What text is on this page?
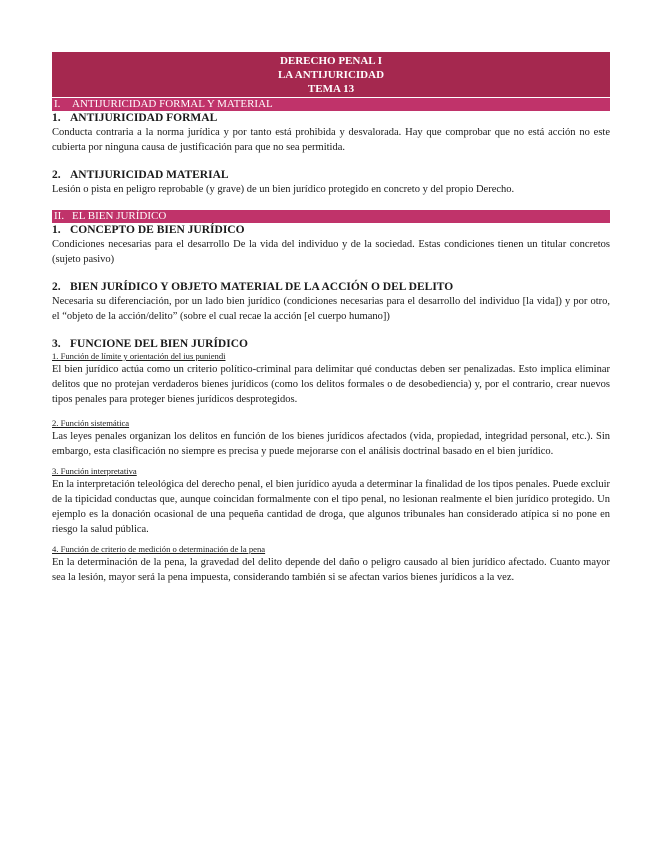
DERECHO PENAL I
LA ANTIJURICIDAD
TEMA 13
I. ANTIJURICIDAD FORMAL Y MATERIAL
1. ANTIJURICIDAD FORMAL
Conducta contraria a la norma jurídica y por tanto está prohibida y desvalorada. Hay que comprobar que no está acción no este cubierta por ninguna causa de justificación para que no sea permitida.
2. ANTIJURICIDAD MATERIAL
Lesión o pista en peligro reprobable (y grave) de un bien jurídico protegido en concreto y del propio Derecho.
II. EL BIEN JURÍDICO
1. CONCEPTO DE BIEN JURÍDICO
Condiciones necesarias para el desarrollo De la vida del individuo y de la sociedad. Estas condiciones tienen un titular concretos (sujeto pasivo)
2. BIEN JURÍDICO Y OBJETO MATERIAL DE LA ACCIÓN O DEL DELITO
Necesaria su diferenciación, por un lado bien jurídico (condiciones necesarias para el desarrollo del individuo [la vida]) y por otro, el “objeto de la acción/delito” (sobre el cual recae la acción [el cuerpo humano])
3. FUNCIONE DEL BIEN JURÍDICO
1. Función de límite y orientación del ius puniendi
El bien jurídico actúa como un criterio político-criminal para delimitar qué conductas deben ser penalizadas. Esto implica eliminar delitos que no protejan verdaderos bienes jurídicos (como los delitos formales o de desobediencia) y, por el contrario, crear nuevos tipos penales para proteger bienes jurídicos desprotegidos.
2. Función sistemática
Las leyes penales organizan los delitos en función de los bienes jurídicos afectados (vida, propiedad, integridad personal, etc.). Sin embargo, esta clasificación no siempre es precisa y puede mejorarse con el análisis doctrinal basado en el bien jurídico.
3. Función interpretativa
En la interpretación teleológica del derecho penal, el bien jurídico ayuda a determinar la finalidad de los tipos penales. Puede excluir de la tipicidad conductas que, aunque coincidan formalmente con el tipo penal, no lesionan realmente el bien jurídico protegido. Un ejemplo es la donación ocasional de una pequeña cantidad de droga, que algunos tribunales han considerado atípica si no pone en riesgo la salud pública.
4. Función de criterio de medición o determinación de la pena
En la determinación de la pena, la gravedad del delito depende del daño o peligro causado al bien jurídico afectado. Cuanto mayor sea la lesión, mayor será la pena impuesta, considerando también si se afectan varios bienes jurídicos a la vez.
